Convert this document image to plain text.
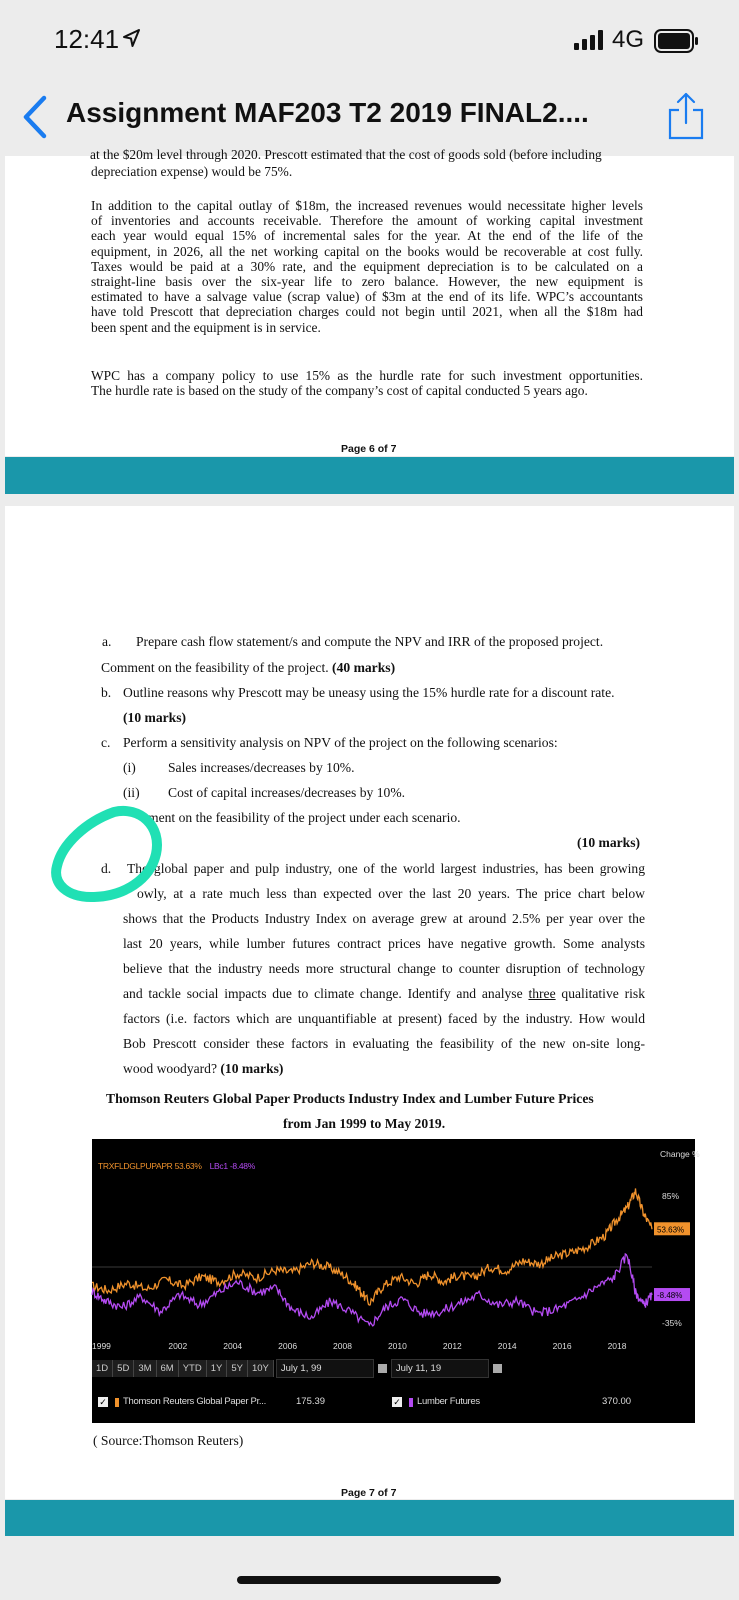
12:41	4G
Assignment MAF203 T2 2019 FINAL2....
at the $20m level through 2020. Prescott estimated that the cost of goods sold (before including
depreciation expense) would be 75%.
In addition to the capital outlay of $18m, the increased revenues would necessitate higher levels
of inventories and accounts receivable. Therefore the amount of working capital investment
each year would equal 15% of incremental sales for the year. At the end of the life of the
equipment, in 2026, all the net working capital on the books would be recoverable at cost fully.
Taxes would be paid at a 30% rate, and the equipment depreciation is to be calculated on a
straight-line basis over the six-year life to zero balance. However, the new equipment is
estimated to have a salvage value (scrap value) of $3m at the end of its life. WPC’s accountants
have told Prescott that depreciation charges could not begin until 2021, when all the $18m had
been spent and the equipment is in service.
WPC has a company policy to use 15% as the hurdle rate for such investment opportunities.
The hurdle rate is based on the study of the company’s cost of capital conducted 5 years ago.
Page 6 of 7
a. Prepare cash flow statement/s and compute the NPV and IRR of the proposed project.
Comment on the feasibility of the project. (40 marks)
b. Outline reasons why Prescott may be uneasy using the 15% hurdle rate for a discount rate.
(10 marks)
c. Perform a sensitivity analysis on NPV of the project on the following scenarios:
(i) Sales increases/decreases by 10%.
(ii) Cost of capital increases/decreases by 10%.
ment on the feasibility of the project under each scenario.
(10 marks)
d. The global paper and pulp industry, one of the world largest industries, has been growing
owly, at a rate much less than expected over the last 20 years. The price chart below
shows that the Products Industry Index on average grew at around 2.5% per year over the
last 20 years, while lumber futures contract prices have negative growth. Some analysts
believe that the industry needs more structural change to counter disruption of technology
and tackle social impacts due to climate change. Identify and analyse three qualitative risk
factors (i.e. factors which are unquantifiable at present) faced by the industry. How would
Bob Prescott consider these factors in evaluating the feasibility of the new on-site long-
wood woodyard? (10 marks)
Thomson Reuters Global Paper Products Industry Index and Lumber Future Prices
from Jan 1999 to May 2019.
Change %
85%
-35%
1999	2002	2004	2006	2008	2010	2012	2014	2016	2018
53.63%
-8.48%
TRXFLDGLPUPAPR 53.63% LBc1 -8.48%
1D 5D 3M 6M YTD 1Y 5Y 10Y	July 1, 99	July 11, 19
✓ Thomson Reuters Global Paper Pr...	175.39	✓ Lumber Futures	370.00
( Source:Thomson Reuters)
Page 7 of 7
